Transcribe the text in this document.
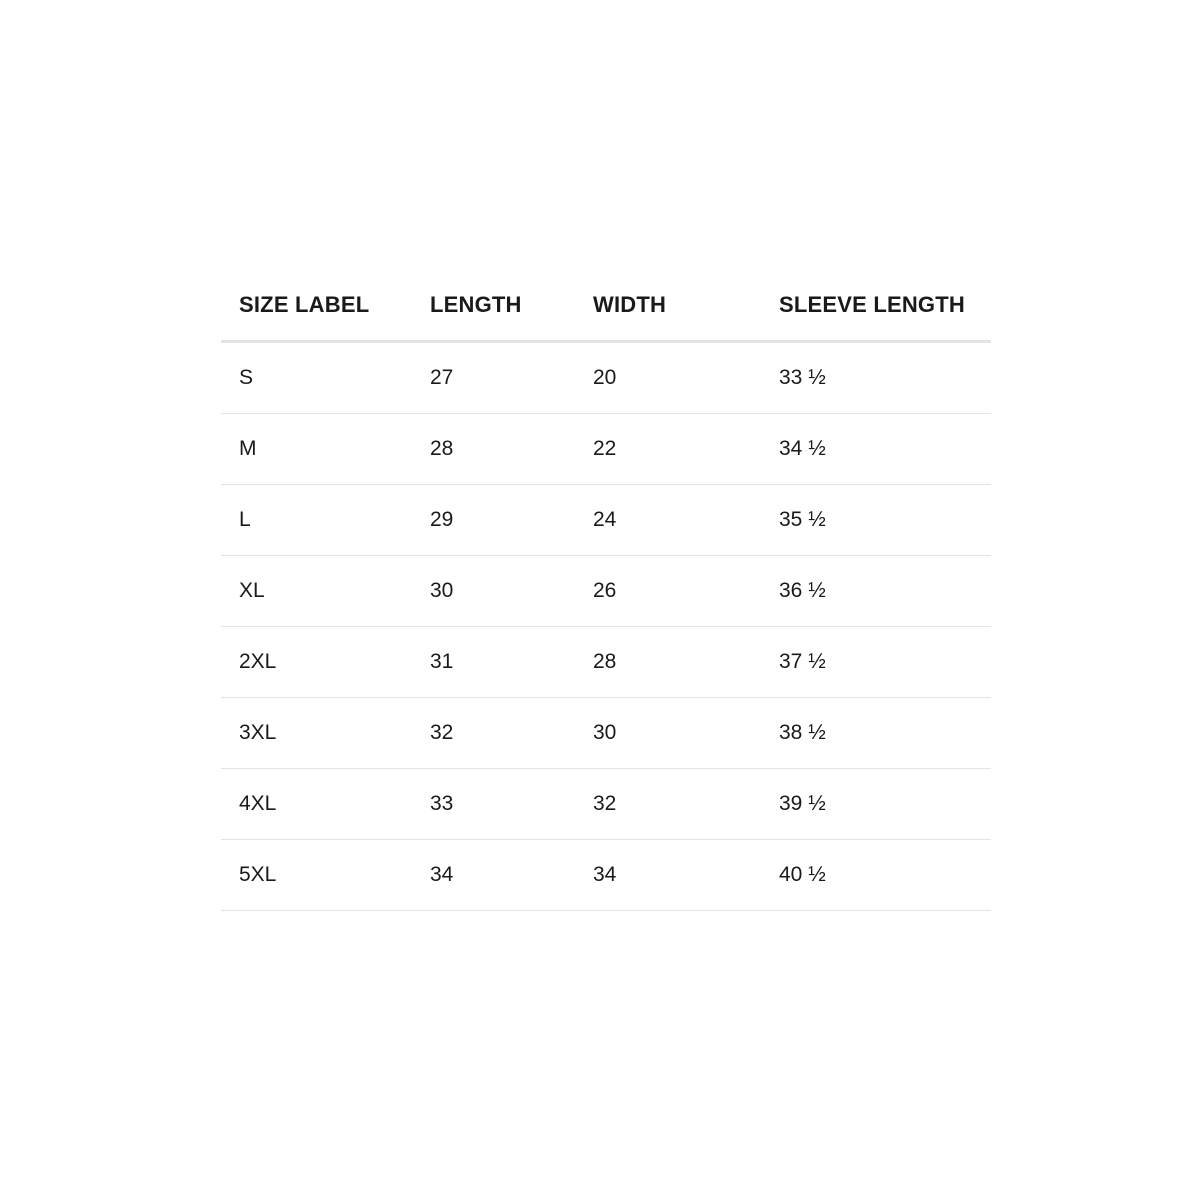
SIZE LABEL	LENGTH	WIDTH	SLEEVE LENGTH
S	27	20	33 ½
M	28	22	34 ½
L	29	24	35 ½
XL	30	26	36 ½
2XL	31	28	37 ½
3XL	32	30	38 ½
4XL	33	32	39 ½
5XL	34	34	40 ½
